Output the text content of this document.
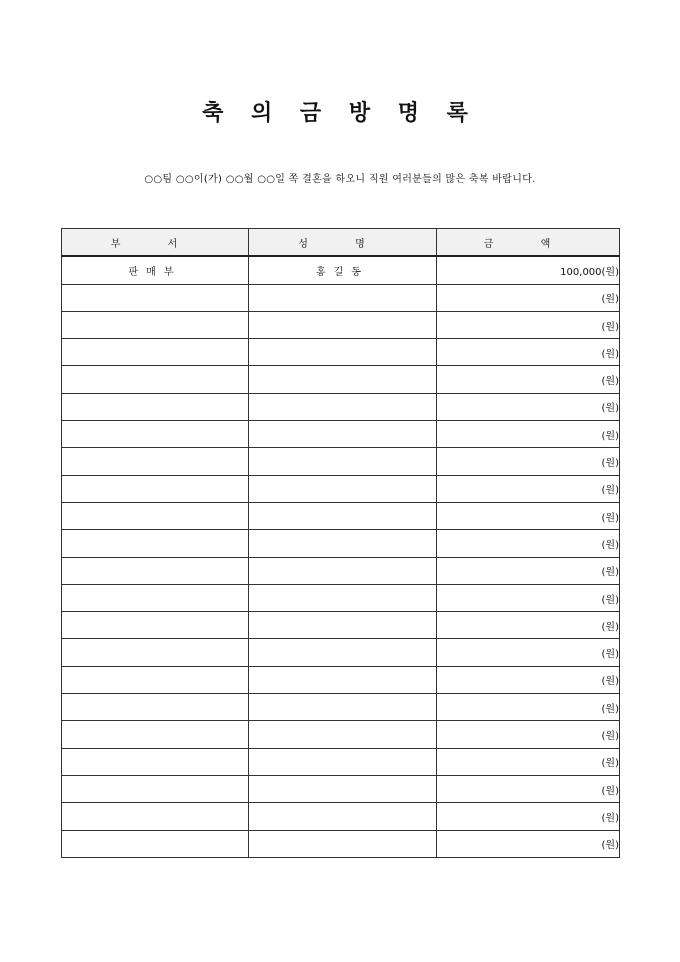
축 의 금 방 명 록
○○팀 ○○이(가) ○○월 ○○일 쪽 결혼을 하오니 직원 여러분들의 많은 축복 바랍니다.
부 서	성 명	금 액
판매부	홍길동	100,000(원)
		(원)
		(원)
		(원)
		(원)
		(원)
		(원)
		(원)
		(원)
		(원)
		(원)
		(원)
		(원)
		(원)
		(원)
		(원)
		(원)
		(원)
		(원)
		(원)
		(원)
		(원)
